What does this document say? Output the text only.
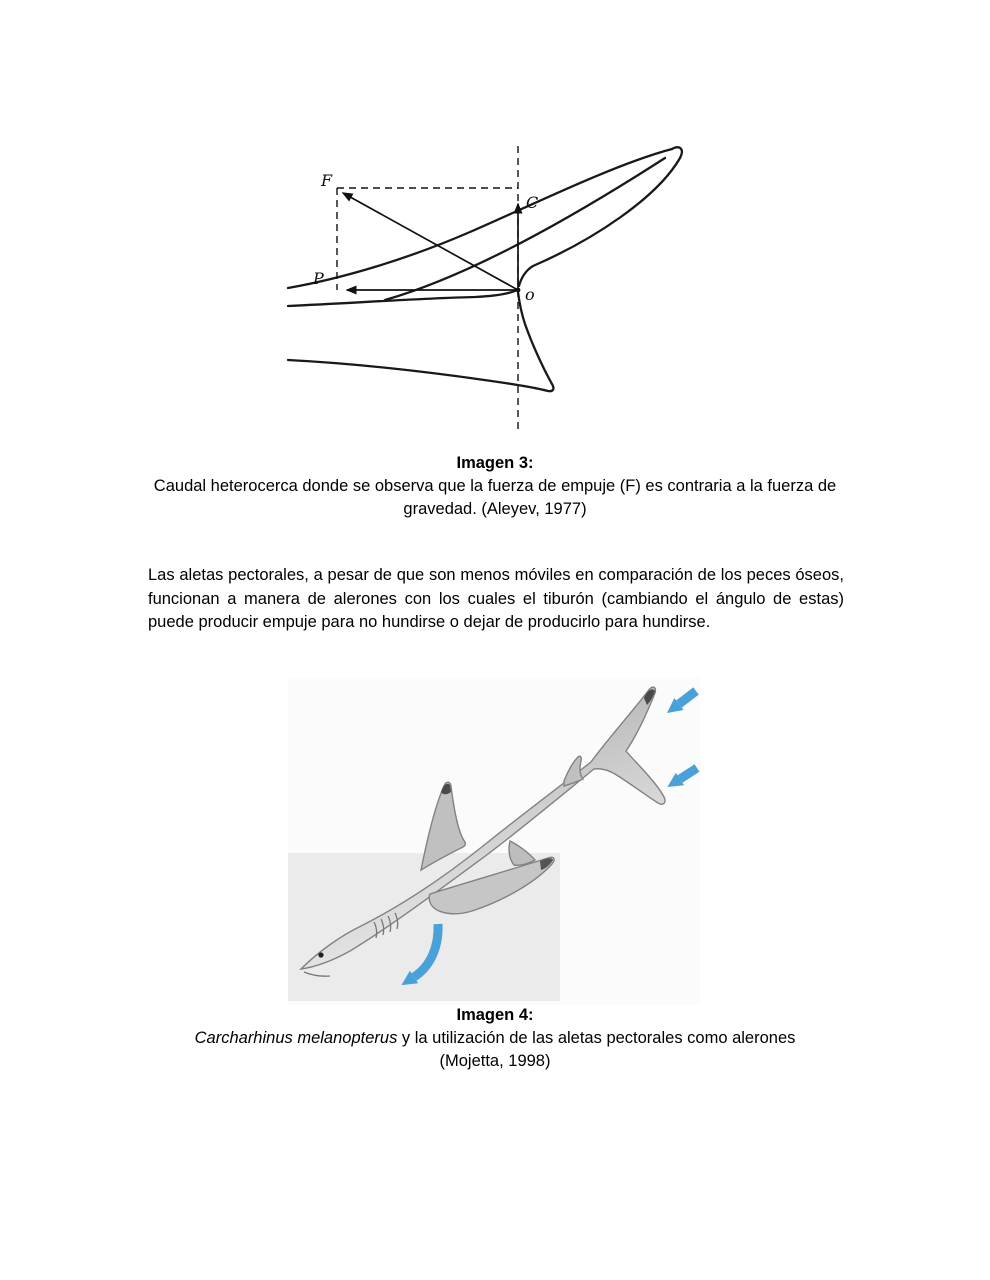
F
C
P
o
Imagen 3:
Caudal heterocerca donde se observa que la fuerza de empuje (F) es contraria a la fuerza de gravedad. (Aleyev, 1977)

Las aletas pectorales, a pesar de que son menos móviles en comparación de los peces óseos, funcionan a manera de alerones con los cuales el tiburón (cambiando el ángulo de estas) puede producir empuje para no hundirse o dejar de producirlo para hundirse.

Imagen 4:
Carcharhinus melanopterus y la utilización de las aletas pectorales como alerones (Mojetta, 1998)
